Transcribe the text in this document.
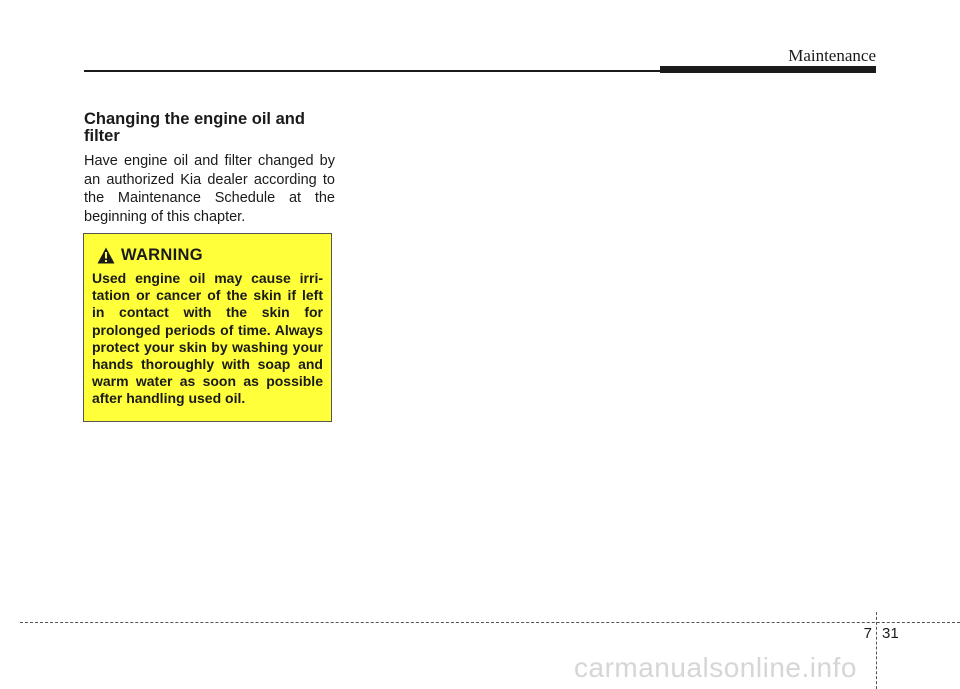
Maintenance
Changing the engine oil and filter

Have engine oil and filter changed by an authorized Kia dealer according to the Maintenance Schedule at the beginning of this chapter.

WARNING
Used engine oil may cause irri-tation or cancer of the skin if left in contact with the skin for prolonged periods of time. Always protect your skin by washing your hands thoroughly with soap and warm water as soon as possible after handling used oil.
7 31
carmanualsonline.info
